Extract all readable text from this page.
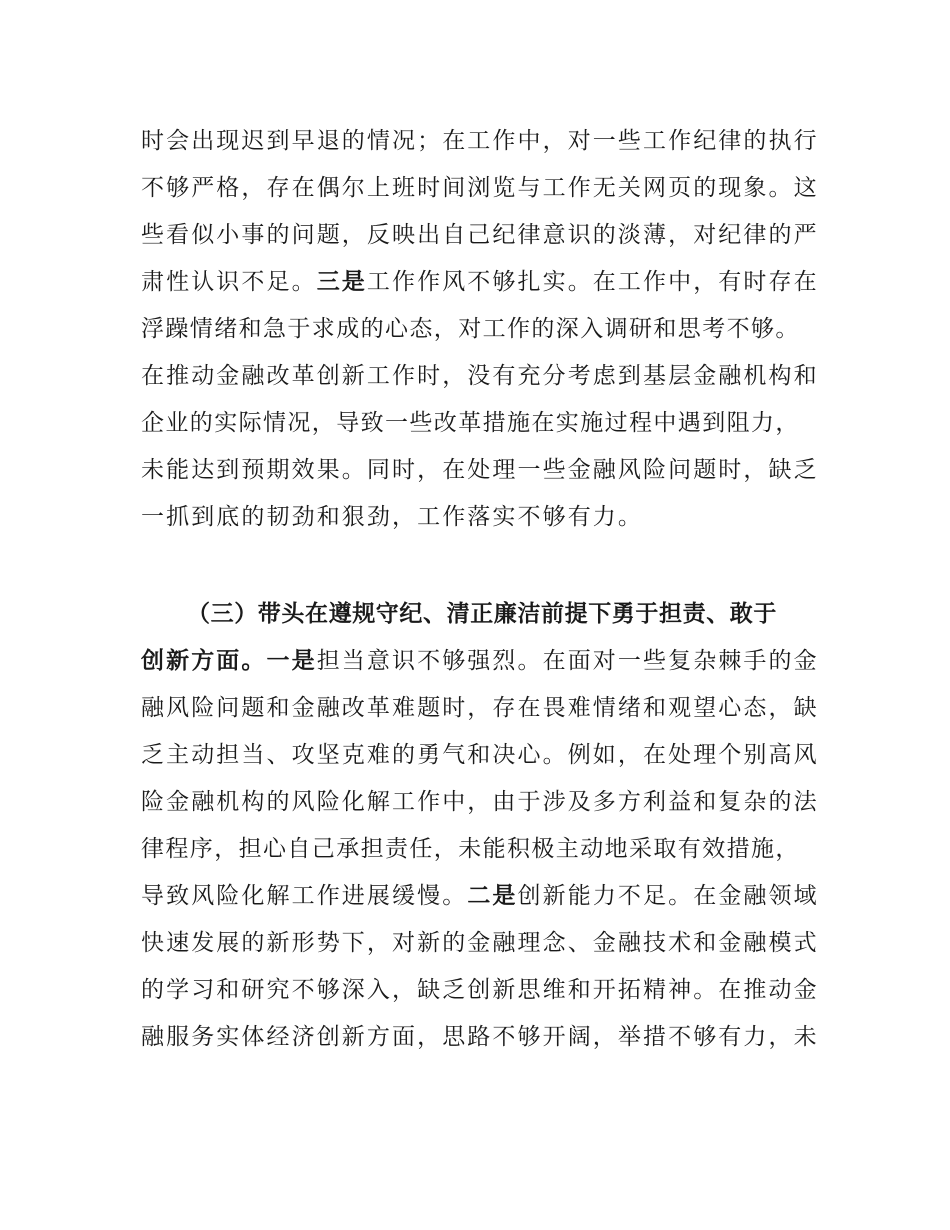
时会出现迟到早退的情况；在工作中，对一些工作纪律的执行
不够严格，存在偶尔上班时间浏览与工作无关网页的现象。这
些看似小事的问题，反映出自己纪律意识的淡薄，对纪律的严
肃性认识不足。三是工作作风不够扎实。在工作中，有时存在
浮躁情绪和急于求成的心态，对工作的深入调研和思考不够。
在推动金融改革创新工作时，没有充分考虑到基层金融机构和
企业的实际情况，导致一些改革措施在实施过程中遇到阻力，
未能达到预期效果。同时，在处理一些金融风险问题时，缺乏
一抓到底的韧劲和狠劲，工作落实不够有力。
（三）带头在遵规守纪、清正廉洁前提下勇于担责、敢于
创新方面。一是担当意识不够强烈。在面对一些复杂棘手的金
融风险问题和金融改革难题时，存在畏难情绪和观望心态，缺
乏主动担当、攻坚克难的勇气和决心。例如，在处理个别高风
险金融机构的风险化解工作中，由于涉及多方利益和复杂的法
律程序，担心自己承担责任，未能积极主动地采取有效措施，
导致风险化解工作进展缓慢。二是创新能力不足。在金融领域
快速发展的新形势下，对新的金融理念、金融技术和金融模式
的学习和研究不够深入，缺乏创新思维和开拓精神。在推动金
融服务实体经济创新方面，思路不够开阔，举措不够有力，未
